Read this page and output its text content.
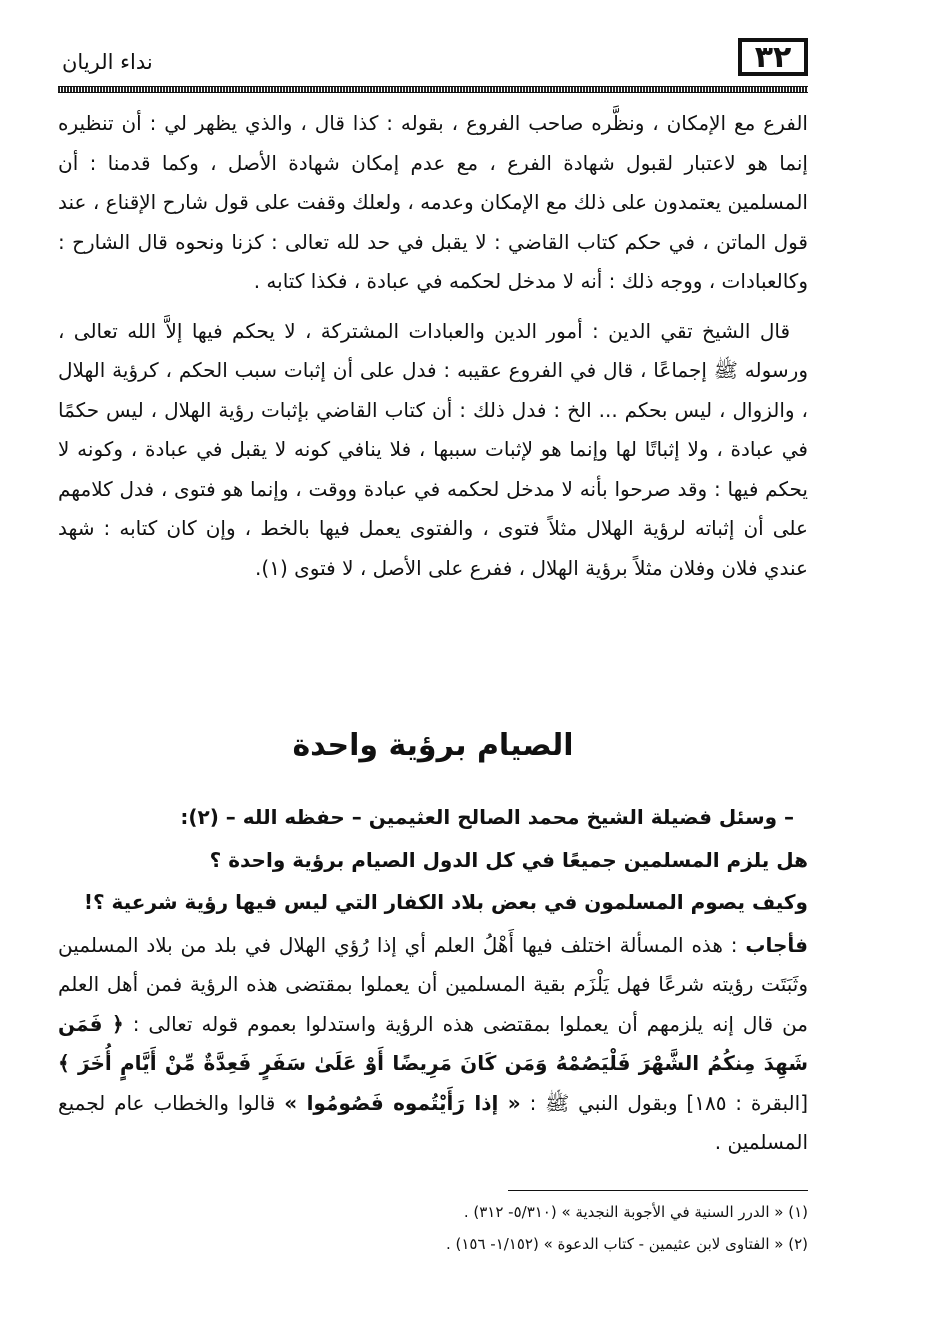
٣٢
نداء الريان

الفرع مع الإمكان ، ونظَّره صاحب الفروع ، بقوله : كذا قال ، والذي يظهر لي : أن تنظيره إنما هو لاعتبار لقبول شهادة الفرع ، مع عدم إمكان شهادة الأصل ، وكما قدمنا : أن المسلمين يعتمدون على ذلك مع الإمكان وعدمه ، ولعلك وقفت على قول شارح الإقناع ، عند قول الماتن ، في حكم كتاب القاضي : لا يقبل في حد لله تعالى : كزنا ونحوه قال الشارح : وكالعبادات ، ووجه ذلك : أنه لا مدخل لحكمه في عبادة ، فكذا كتابه .

قال الشيخ تقي الدين : أمور الدين والعبادات المشتركة ، لا يحكم فيها إلاَّ الله تعالى ، ورسوله ﷺ إجماعًا ، قال في الفروع عقيبه : فدل على أن إثبات سبب الحكم ، كرؤية الهلال ، والزوال ، ليس بحكم ... الخ : فدل ذلك : أن كتاب القاضي بإثبات رؤية الهلال ، ليس حكمًا في عبادة ، ولا إثباتًا لها وإنما هو لإثبات سببها ، فلا ينافي كونه لا يقبل في عبادة ، وكونه لا يحكم فيها : وقد صرحوا بأنه لا مدخل لحكمه في عبادة ووقت ، وإنما هو فتوى ، فدل كلامهم على أن إثباته لرؤية الهلال مثلاً فتوى ، والفتوى يعمل فيها بالخط ، وإن كان كتابه : شهد عندي فلان وفلان مثلاً برؤية الهلال ، ففرع على الأصل ، لا فتوى (١).

الصيام برؤية واحدة

– وسئل فضيلة الشيخ محمد الصالح العثيمين – حفظه الله – (٢):

هل يلزم المسلمين جميعًا في كل الدول الصيام برؤية واحدة ؟

وكيف يصوم المسلمون في بعض بلاد الكفار التي ليس فيها رؤية شرعية ؟!

فأجاب : هذه المسألة اختلف فيها أَهْلُ العلم أي إذا رُؤي الهلال في بلد من بلاد المسلمين وثَبَتَت رؤيته شرعًا فهل يَلْزَم بقية المسلمين أن يعملوا بمقتضى هذه الرؤية فمن أهل العلم من قال إنه يلزمهم أن يعملوا بمقتضى هذه الرؤية واستدلوا بعموم قوله تعالى : ﴿ فَمَن شَهِدَ مِنكُمُ الشَّهْرَ فَلْيَصُمْهُ وَمَن كَانَ مَرِيضًا أَوْ عَلَىٰ سَفَرٍ فَعِدَّةٌ مِّنْ أَيَّامٍ أُخَرَ ﴾ [البقرة : ١٨٥] وبقول النبي ﷺ : « إذا رَأَيْتُموه فَصُومُوا » قالوا والخطاب عام لجميع المسلمين .

(١) « الدرر السنية في الأجوبة النجدية » (٥/٣١٠- ٣١٢) .

(٢) « الفتاوى لابن عثيمين - كتاب الدعوة » (١/١٥٢- ١٥٦) .
